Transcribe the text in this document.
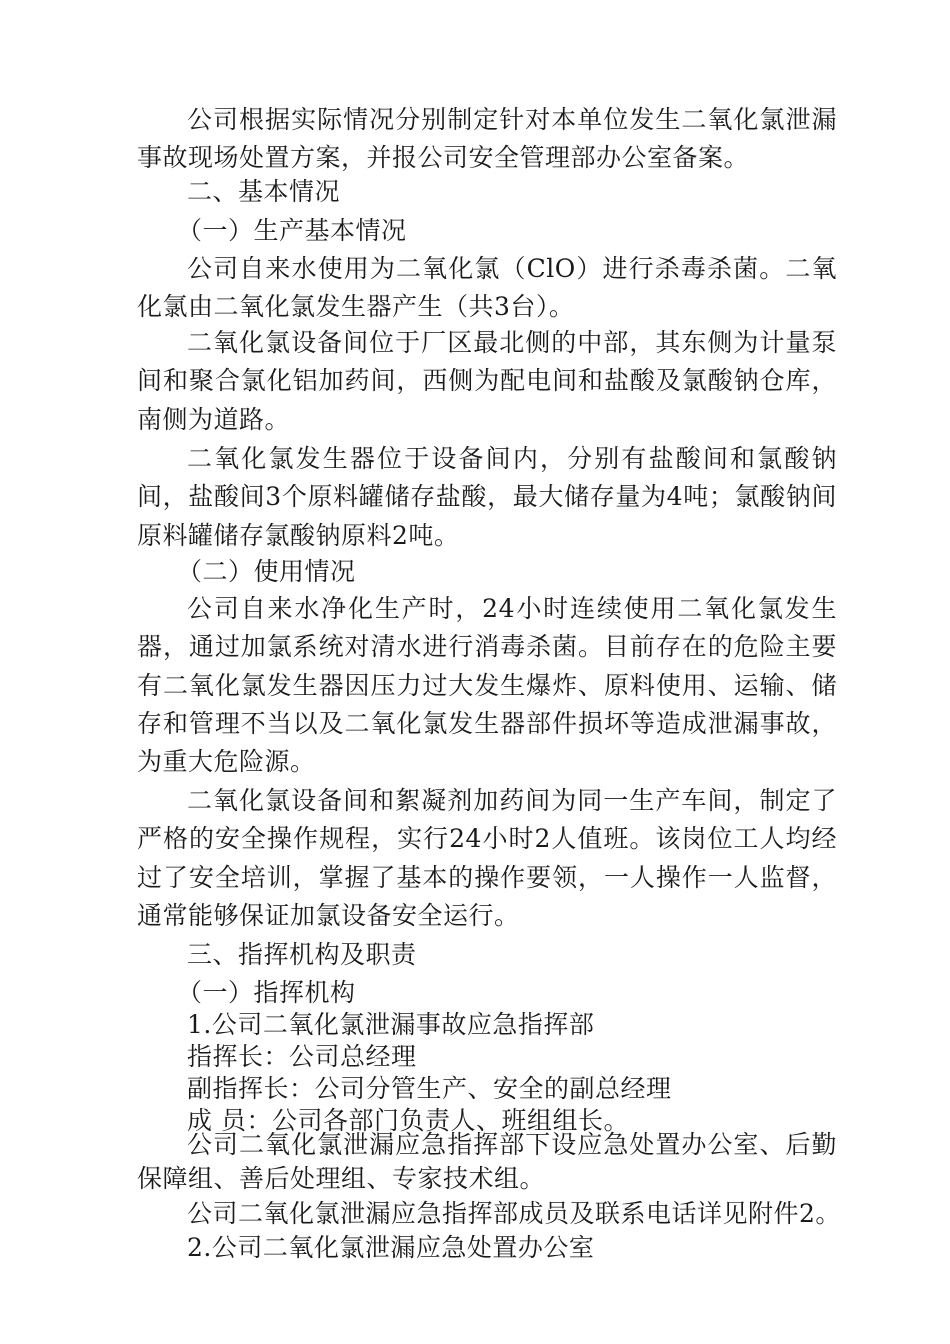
公司根据实际情况分别制定针对本单位发生二氧化氯泄漏事故现场处置方案，并报公司安全管理部办公室备案。

二、基本情况

（一）生产基本情况

公司自来水使用为二氧化氯（ClO）进行杀毒杀菌。二氧化氯由二氧化氯发生器产生（共3台）。

二氧化氯设备间位于厂区最北侧的中部，其东侧为计量泵间和聚合氯化铝加药间，西侧为配电间和盐酸及氯酸钠仓库，南侧为道路。

二氧化氯发生器位于设备间内，分别有盐酸间和氯酸钠间，盐酸间3个原料罐储存盐酸，最大储存量为4吨；氯酸钠间原料罐储存氯酸钠原料2吨。

（二）使用情况

公司自来水净化生产时，24小时连续使用二氧化氯发生器，通过加氯系统对清水进行消毒杀菌。目前存在的危险主要有二氧化氯发生器因压力过大发生爆炸、原料使用、运输、储存和管理不当以及二氧化氯发生器部件损坏等造成泄漏事故，为重大危险源。

二氧化氯设备间和絮凝剂加药间为同一生产车间，制定了严格的安全操作规程，实行24小时2人值班。该岗位工人均经过了安全培训，掌握了基本的操作要领，一人操作一人监督，通常能够保证加氯设备安全运行。

三、指挥机构及职责

（一）指挥机构

1.公司二氧化氯泄漏事故应急指挥部

指挥长：公司总经理

副指挥长：公司分管生产、安全的副总经理

成 员：公司各部门负责人、班组组长。

公司二氧化氯泄漏应急指挥部下设应急处置办公室、后勤保障组、善后处理组、专家技术组。

公司二氧化氯泄漏应急指挥部成员及联系电话详见附件2。

2.公司二氧化氯泄漏应急处置办公室
